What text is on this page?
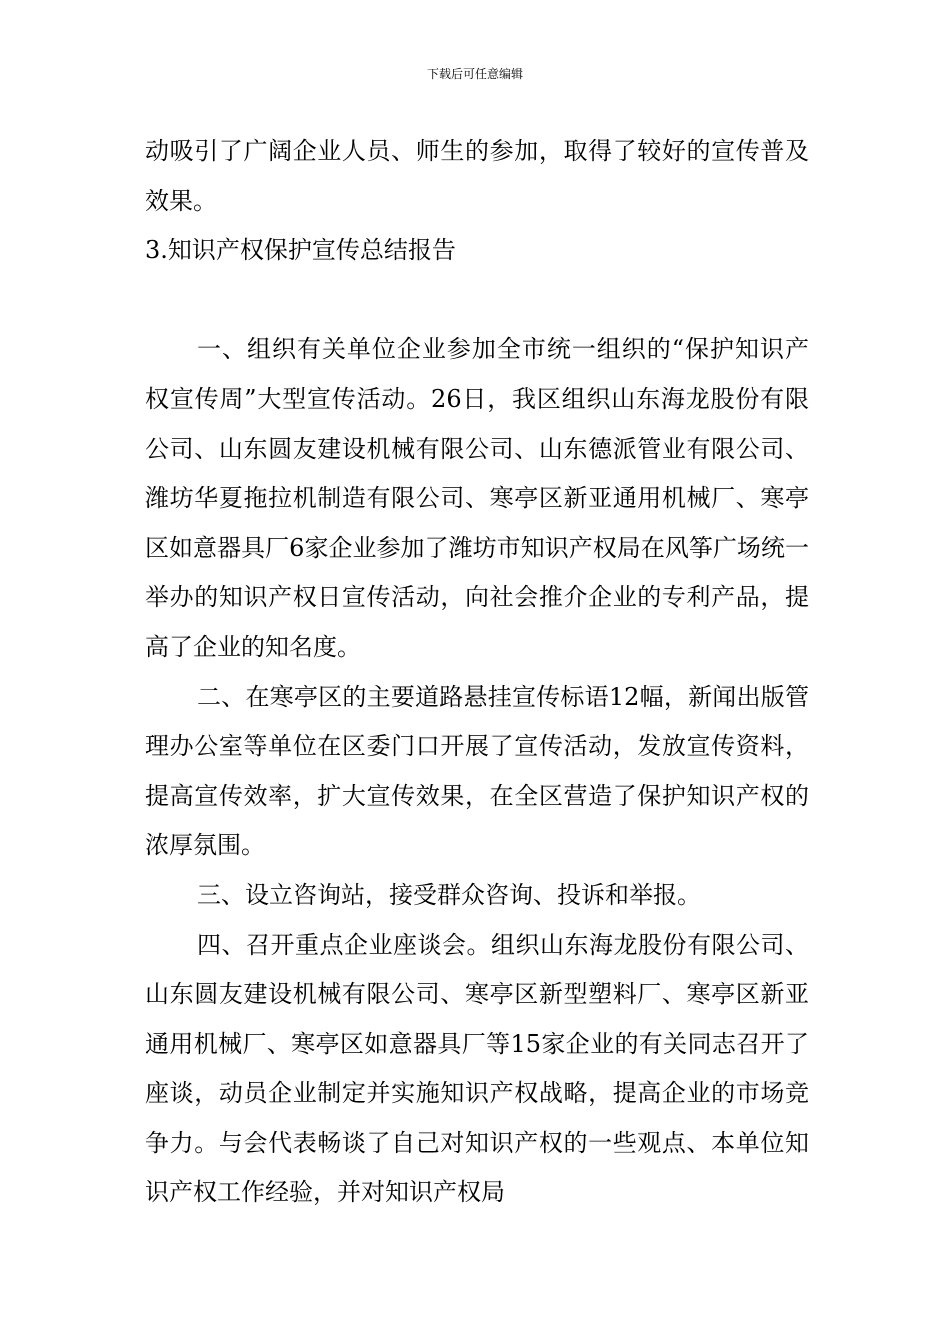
下载后可任意编辑

动吸引了广阔企业人员、师生的参加，取得了较好的宣传普及效果。

3.知识产权保护宣传总结报告

一、组织有关单位企业参加全市统一组织的“保护知识产权宣传周”大型宣传活动。26日，我区组织山东海龙股份有限公司、山东圆友建设机械有限公司、山东德派管业有限公司、潍坊华夏拖拉机制造有限公司、寒亭区新亚通用机械厂、寒亭区如意器具厂6家企业参加了潍坊市知识产权局在风筝广场统一举办的知识产权日宣传活动，向社会推介企业的专利产品，提高了企业的知名度。

二、在寒亭区的主要道路悬挂宣传标语12幅，新闻出版管理办公室等单位在区委门口开展了宣传活动，发放宣传资料，提高宣传效率，扩大宣传效果，在全区营造了保护知识产权的浓厚氛围。

三、设立咨询站，接受群众咨询、投诉和举报。

四、召开重点企业座谈会。组织山东海龙股份有限公司、山东圆友建设机械有限公司、寒亭区新型塑料厂、寒亭区新亚通用机械厂、寒亭区如意器具厂等15家企业的有关同志召开了座谈，动员企业制定并实施知识产权战略，提高企业的市场竞争力。与会代表畅谈了自己对知识产权的一些观点、本单位知识产权工作经验，并对知识产权局
